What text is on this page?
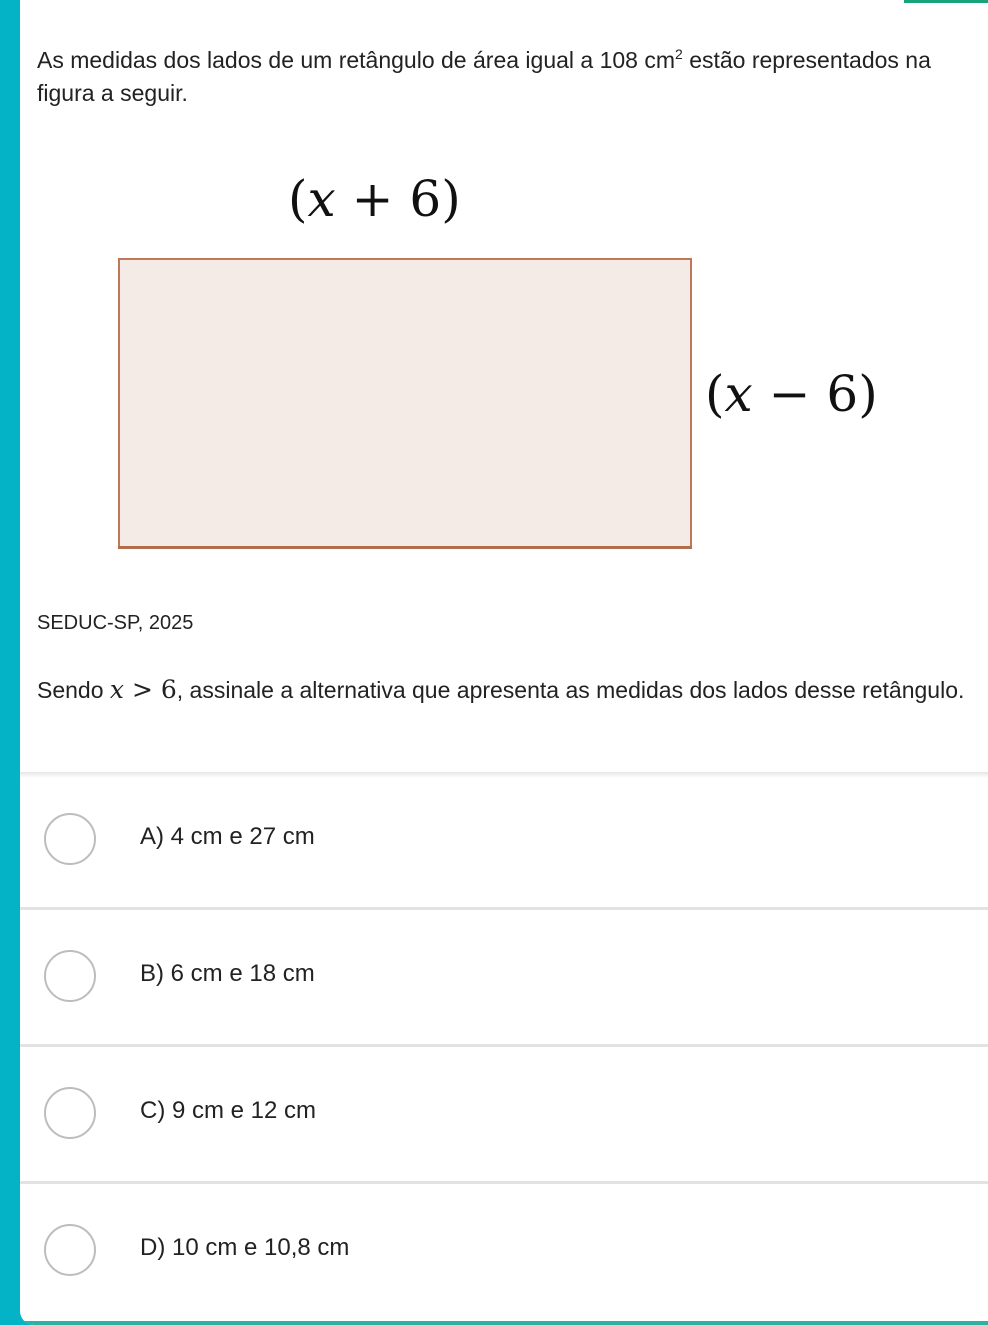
As medidas dos lados de um retângulo de área igual a 108 $cm^2$ estão representados na figura a seguir.
(x + 6)
(x − 6)
SEDUC-SP, 2025
Sendo x > 6, assinale a alternativa que apresenta as medidas dos lados desse retângulo.
A) 4 cm e 27 cm
B) 6 cm e 18 cm
C) 9 cm e 12 cm
D) 10 cm e 10,8 cm
